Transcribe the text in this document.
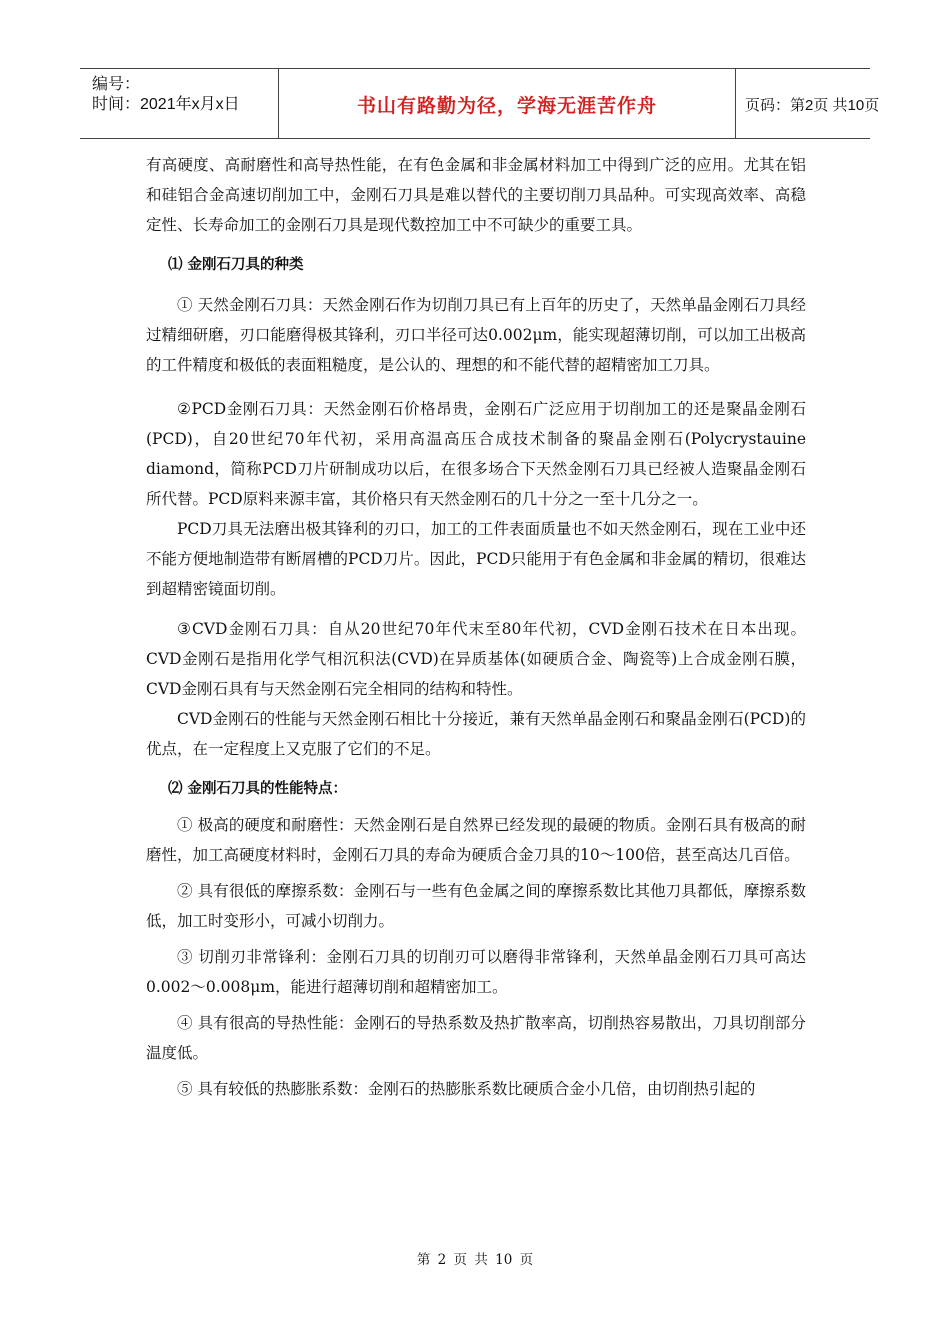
编号：
时间：2021年x月x日	书山有路勤为径，学海无涯苦作舟	页码：第2页 共10页

有高硬度、高耐磨性和高导热性能，在有色金属和非金属材料加工中得到广泛的应用。尤其在铝和硅铝合金高速切削加工中，金刚石刀具是难以替代的主要切削刀具品种。可实现高效率、高稳定性、长寿命加工的金刚石刀具是现代数控加工中不可缺少的重要工具。

⑴ 金刚石刀具的种类

① 天然金刚石刀具：天然金刚石作为切削刀具已有上百年的历史了，天然单晶金刚石刀具经过精细研磨，刃口能磨得极其锋利，刃口半径可达0.002μm，能实现超薄切削，可以加工出极高的工件精度和极低的表面粗糙度，是公认的、理想的和不能代替的超精密加工刀具。

②PCD金刚石刀具：天然金刚石价格昂贵，金刚石广泛应用于切削加工的还是聚晶金刚石(PCD)，自20世纪70年代初，采用高温高压合成技术制备的聚晶金刚石(Polycrystauine diamond，简称PCD刀片研制成功以后，在很多场合下天然金刚石刀具已经被人造聚晶金刚石所代替。PCD原料来源丰富，其价格只有天然金刚石的几十分之一至十几分之一。

PCD刀具无法磨出极其锋利的刃口，加工的工件表面质量也不如天然金刚石，现在工业中还不能方便地制造带有断屑槽的PCD刀片。因此，PCD只能用于有色金属和非金属的精切，很难达到超精密镜面切削。

③CVD金刚石刀具：自从20世纪70年代末至80年代初，CVD金刚石技术在日本出现。 CVD金刚石是指用化学气相沉积法(CVD)在异质基体(如硬质合金、陶瓷等)上合成金刚石膜，CVD金刚石具有与天然金刚石完全相同的结构和特性。

CVD金刚石的性能与天然金刚石相比十分接近，兼有天然单晶金刚石和聚晶金刚石(PCD)的优点，在一定程度上又克服了它们的不足。

⑵ 金刚石刀具的性能特点：

① 极高的硬度和耐磨性：天然金刚石是自然界已经发现的最硬的物质。金刚石具有极高的耐磨性，加工高硬度材料时，金刚石刀具的寿命为硬质合金刀具的10～100倍，甚至高达几百倍。

② 具有很低的摩擦系数：金刚石与一些有色金属之间的摩擦系数比其他刀具都低，摩擦系数低，加工时变形小，可减小切削力。

③ 切削刃非常锋利：金刚石刀具的切削刃可以磨得非常锋利，天然单晶金刚石刀具可高达0.002～0.008μm，能进行超薄切削和超精密加工。

④ 具有很高的导热性能：金刚石的导热系数及热扩散率高，切削热容易散出，刀具切削部分温度低。

⑤ 具有较低的热膨胀系数：金刚石的热膨胀系数比硬质合金小几倍，由切削热引起的

第 2 页 共 10 页
